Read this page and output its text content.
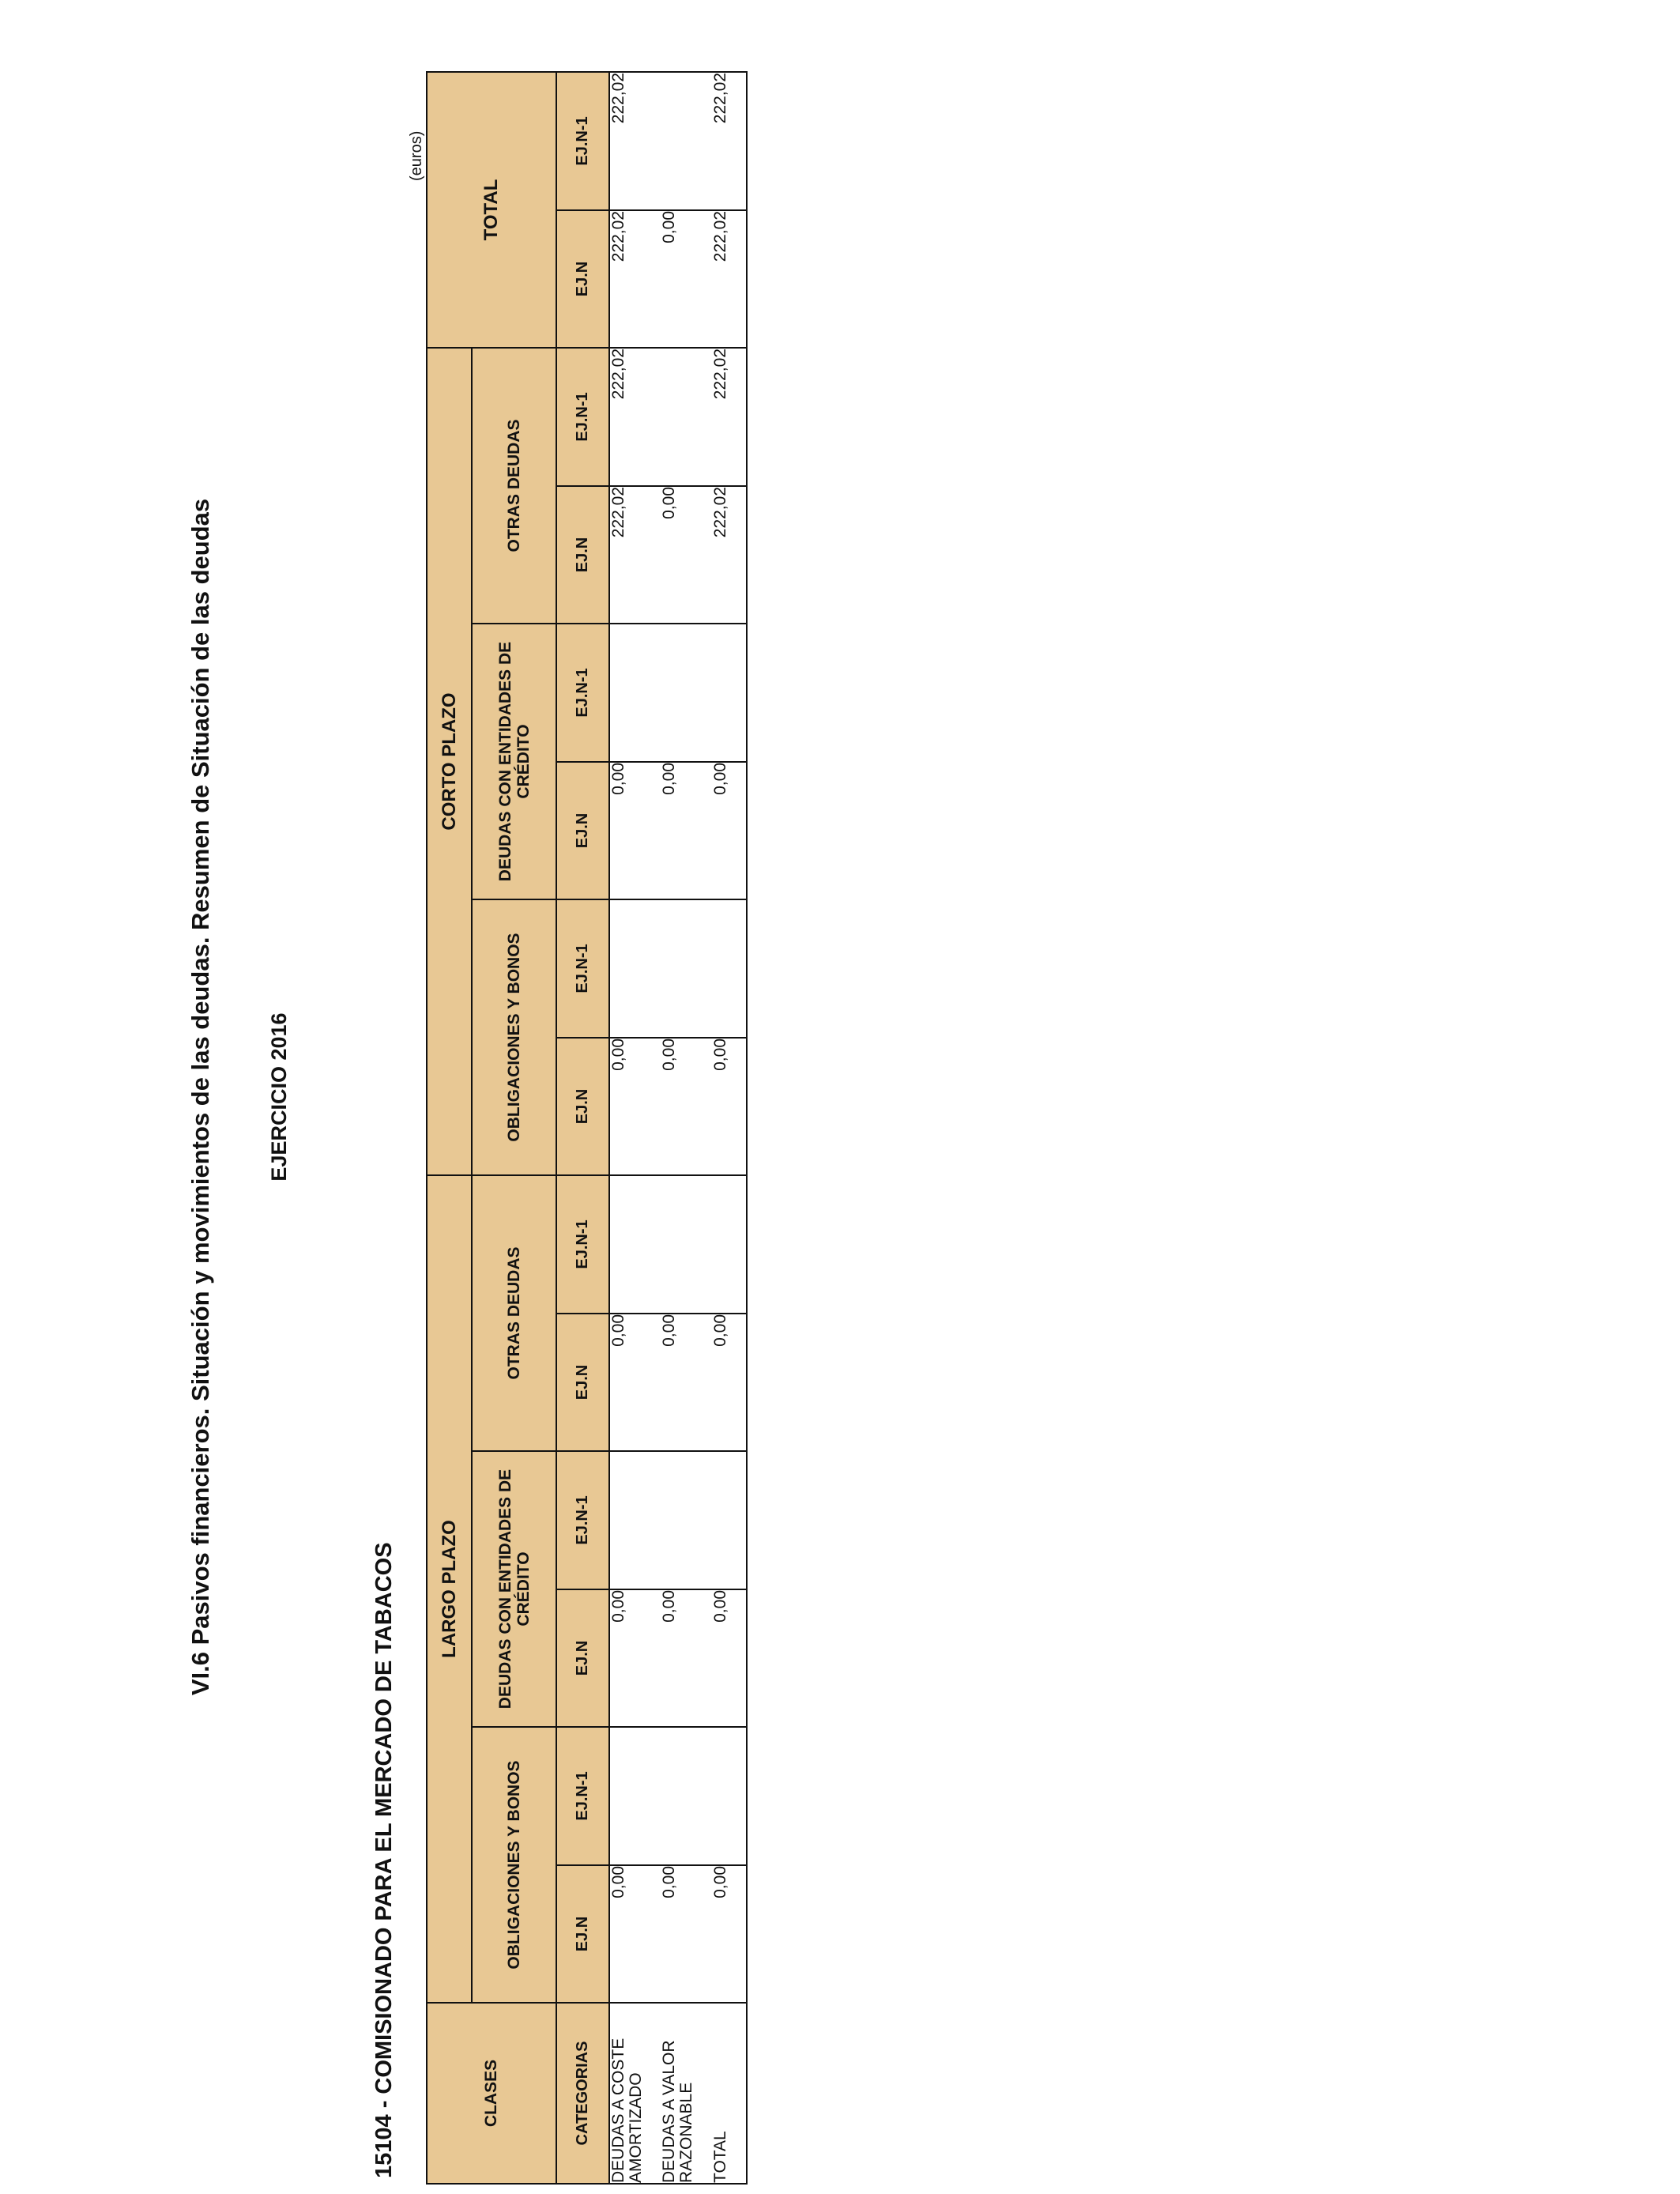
VI.6 Pasivos financieros. Situación y movimientos de las deudas. Resumen de Situación de las deudas EJERCICIO 2016
15104 - COMISIONADO PARA EL MERCADO DE TABACOS
(euros)
CLASES	LARGO PLAZO						CORTO PLAZO						TOTAL	
	OBLIGACIONES Y BONOS		DEUDAS CON ENTIDADES DE CRÉDITO		OTRAS DEUDAS		OBLIGACIONES Y BONOS		DEUDAS CON ENTIDADES DE CRÉDITO		OTRAS DEUDAS			
CATEGORIAS	EJ.N	EJ.N-1	EJ.N	EJ.N-1	EJ.N	EJ.N-1	EJ.N	EJ.N-1	EJ.N	EJ.N-1	EJ.N	EJ.N-1	EJ.N	EJ.N-1
DEUDAS A COSTE AMORTIZADO	0,00		0,00		0,00		0,00		0,00		222,02	222,02	222,02	222,02
DEUDAS A VALOR RAZONABLE	0,00		0,00		0,00		0,00		0,00		0,00		0,00	
TOTAL	0,00		0,00		0,00		0,00		0,00		222,02	222,02	222,02	222,02
